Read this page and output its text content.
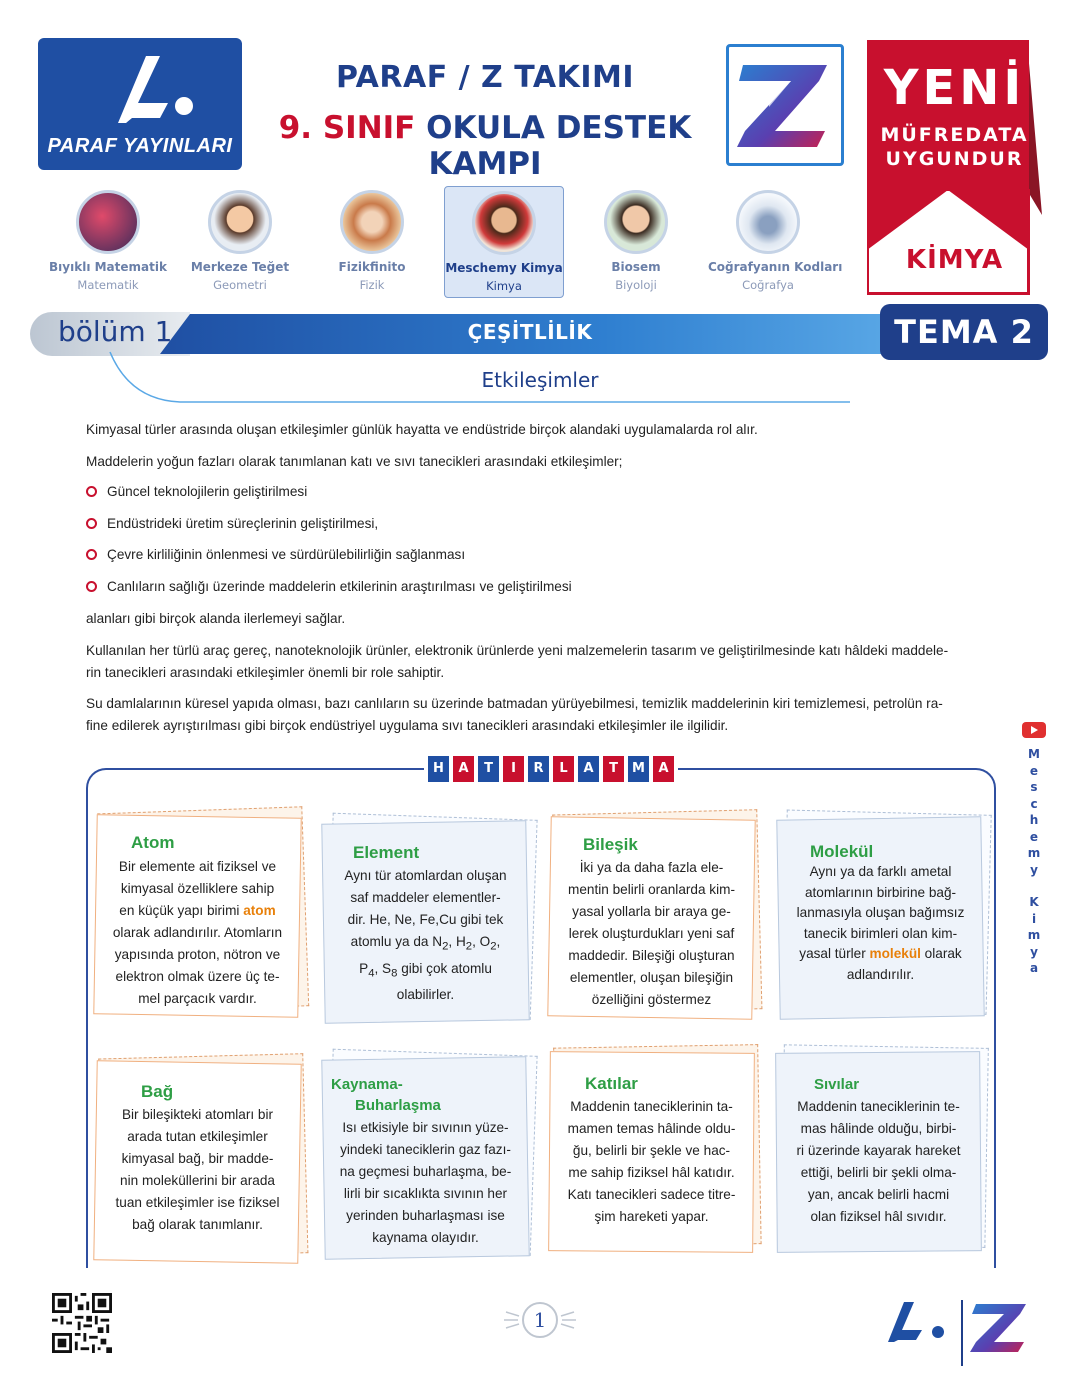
PARAF YAYINLARI
PARAF / Z TAKIMI
9. SINIF OKULA DESTEK KAMPI
YENİ
MÜFREDATA
UYGUNDUR
KİMYA
Bıyıklı Matematik
Matematik
Merkeze Teğet
Geometri
Fizikfinito
Fizik
Meschemy Kimya
Kimya
Biosem
Biyoloji
Coğrafyanın Kodları
Coğrafya
bölüm 1	ÇEŞİTLİLİK	TEMA 2
Etkileşimler
Kimyasal türler arasında oluşan etkileşimler günlük hayatta ve endüstride birçok alandaki uygulamalarda rol alır.
Maddelerin yoğun fazları olarak tanımlanan katı ve sıvı tanecikleri arasındaki etkileşimler;
Güncel teknolojilerin geliştirilmesi
Endüstrideki üretim süreçlerinin geliştirilmesi,
Çevre kirliliğinin önlenmesi ve sürdürülebilirliğin sağlanması
Canlıların sağlığı üzerinde maddelerin etkilerinin araştırılması ve geliştirilmesi
alanları gibi birçok alanda ilerlemeyi sağlar.
Kullanılan her türlü araç gereç, nanoteknolojik ürünler, elektronik ürünlerde yeni malzemelerin tasarım ve geliştirilmesinde katı hâldeki maddele-
rin tanecikleri arasındaki etkileşimler önemli bir role sahiptir.
Su damlalarının küresel yapıda olması, bazı canlıların su üzerinde batmadan yürüyebilmesi, temizlik maddelerinin kiri temizlemesi, petrolün ra-
fine edilerek ayrıştırılması gibi birçok endüstriyel uygulama sıvı tanecikleri arasındaki etkileşimler ile ilgilidir.
M
e
s
c
h
e
m
y
K
i
m
y
a
H	A	T	I	R	L	A	T	M	A
Atom
Bir elemente ait fiziksel ve
kimyasal özelliklere sahip
en küçük yapı birimi atom
olarak adlandırılır. Atomların
yapısında proton, nötron ve
elektron olmak üzere üç te-
mel parçacık vardır.
Element
Aynı tür atomlardan oluşan
saf maddeler elementler-
dir. He, Ne, Fe,Cu gibi tek
atomlu ya da $N_2$, $H_2$, $O_2$,
$P_4$, $S_8$ gibi çok atomlu
olabilirler.
Bileşik
İki ya da daha fazla ele-
mentin belirli oranlarda kim-
yasal yollarla bir araya ge-
lerek oluşturdukları yeni saf
maddedir. Bileşiği oluşturan
elementler, oluşan bileşiğin
özelliğini göstermez
Molekül
Aynı ya da farklı ametal
atomlarının birbirine bağ-
lanmasıyla oluşan bağımsız
tanecik birimleri olan kim-
yasal türler molekül olarak
adlandırılır.
Bağ
Bir bileşikteki atomları bir
arada tutan etkileşimler
kimyasal bağ, bir madde-
nin moleküllerini bir arada
tuan etkileşimler ise fiziksel
bağ olarak tanımlanır.
Kaynama-
Buharlaşma
Isı etkisiyle bir sıvının yüze-
yindeki taneciklerin gaz fazı-
na geçmesi buharlaşma, be-
lirli bir sıcaklıkta sıvının her
yerinden buharlaşması ise
kaynama olayıdır.
Katılar
Maddenin taneciklerinin ta-
mamen temas hâlinde oldu-
ğu, belirli bir şekle ve hac-
me sahip fiziksel hâl katıdır.
Katı tanecikleri sadece titre-
şim hareketi yapar.
Sıvılar
Maddenin taneciklerinin te-
mas hâlinde olduğu, birbi-
ri üzerinde kayarak hareket
ettiği, belirli bir şekli olma-
yan, ancak belirli hacmi
olan fiziksel hâl sıvıdır.
1
